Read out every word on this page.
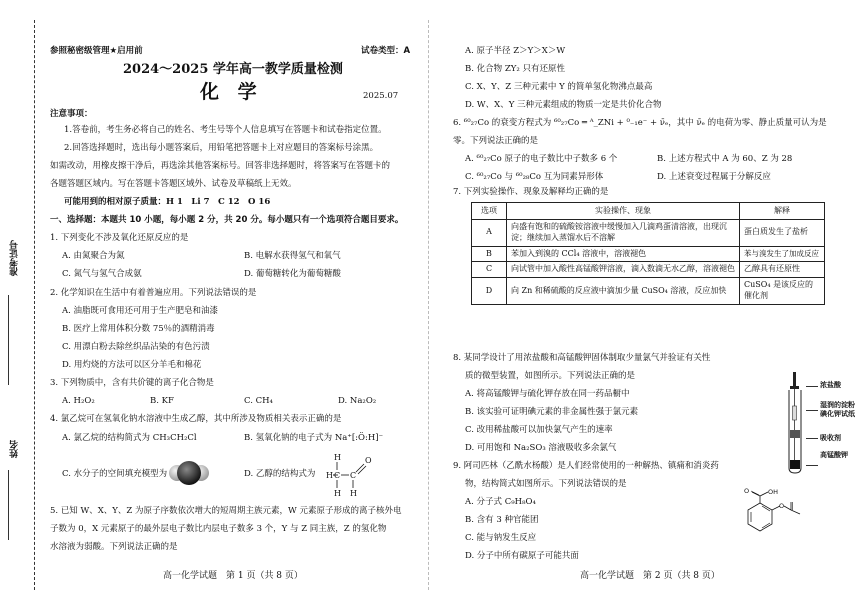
准考证号
姓名
参照秘密级管理★启用前	试卷类型：A
2024～2025 学年高一教学质量检测
化 学	2025.07
注意事项：
1.答卷前，考生务必将自己的姓名、考生号等个人信息填写在答题卡和试卷指定位置。
2.回答选择题时，选出每小题答案后，用铅笔把答题卡上对应题目的答案标号涂黑。
如需改动，用橡皮擦干净后，再选涂其他答案标号。回答非选择题时，将答案写在答题卡的
各题答题区域内。写在答题卡答题区域外、试卷及草稿纸上无效。
可能用到的相对原子质量：H 1　Li 7　C 12　O 16
一、选择题：本题共 10 小题，每小题 2 分，共 20 分。每小题只有一个选项符合题目要求。
1. 下列变化不涉及氧化还原反应的是
A. 由氮聚合为氮	B. 电解水获得氢气和氧气
C. 氮气与氢气合成氨	D. 葡萄糖转化为葡萄糖酸
2. 化学知识在生活中有着普遍应用。下列说法错误的是
A. 油脂既可食用还可用于生产肥皂和油漆
B. 医疗上常用体积分数 75％的酒精消毒
C. 用漂白粉去除丝织品沾染的有色污渍
D. 用灼烧的方法可以区分羊毛和棉花
3. 下列物质中，含有共价键的离子化合物是
A. H₂O₂	B. KF	C. CH₄	D. Na₂O₂
4. 氯乙烷可在氢氧化钠水溶液中生成乙醇，其中所涉及物质相关表示正确的是
A. 氯乙烷的结构简式为 CH₃CH₂Cl	B. 氢氧化钠的电子式为 Na⁺[:Ö:H]⁻
C. 水分子的空间填充模型为	D. 乙醇的结构式为
H
H C C
O
H H
5. 已知 W、X、Y、Z 为原子序数依次增大的短周期主族元素，W 元素原子形成的离子核外电
子数为 0，X 元素原子的最外层电子数比内层电子数多 3 个，Y 与 Z 同主族，Z 的氢化物
水溶液为弱酸。下列说法正确的是
高一化学试题　第 1 页（共 8 页）
A. 原子半径 Z＞Y＞X＞W
B. 化合物 ZY₂ 只有还原性
C. X、Y、Z 三种元素中 Y 的简单氢化物沸点最高
D. W、X、Y 三种元素组成的物质一定是共价化合物
6. ⁶⁰₂₇Co 的衰变方程式为 ⁶⁰₂₇Co ═ ᴬ_ZNi + ⁰₋₁e⁻ + ν̄ₑ，其中 ν̄ₑ 的电荷为零、静止质量可认为是
零。下列说法正确的是
A. ⁶⁰₂₇Co 原子的电子数比中子数多 6 个	B. 上述方程式中 A 为 60、Z 为 28
C. ⁶⁰₂₇Co 与 ⁶⁰₂₈Co 互为同素异形体	D. 上述衰变过程属于分解反应
7. 下列实验操作、现象及解释均正确的是
选项	实验操作、现象	解释
A	向盛有饱和的硫酸铵溶液中缓慢加入几滴鸡蛋清溶液，出现沉淀；继续加入蒸馏水后不溶解	蛋白质发生了盐析
B	苯加入到溴的 CCl₄ 溶液中，溶液褪色	苯与溴发生了加成反应
C	向试管中加入酸性高锰酸钾溶液，滴入数滴无水乙醇，溶液褪色	乙醇具有还原性
D	向 Zn 和稀硫酸的反应液中滴加少量 CuSO₄ 溶液，反应加快	CuSO₄ 是该反应的催化剂
8. 某同学设计了用浓盐酸和高锰酸钾固体制取少量氯气并验证有关性
质的微型装置，如图所示。下列说法正确的是
A. 将高锰酸钾与硫化钾存放在同一药品橱中
B. 该实验可证明碘元素的非金属性强于氯元素
C. 改用稀盐酸可以加快氯气产生的速率
D. 可用饱和 Na₂SO₃ 溶液吸收多余氯气
浓盐酸
湿润的淀粉
碘化钾试纸
吸收剂
高锰酸钾
9. 阿司匹林（乙酰水杨酸）是人们经常使用的一种解热、镇痛和消炎药
物，结构简式如图所示。下列说法错误的是
A. 分子式 C₉H₈O₄
B. 含有 3 种官能团
C. 能与钠发生反应
D. 分子中所有碳原子可能共面
O	OH
O
高一化学试题　第 2 页（共 8 页）
